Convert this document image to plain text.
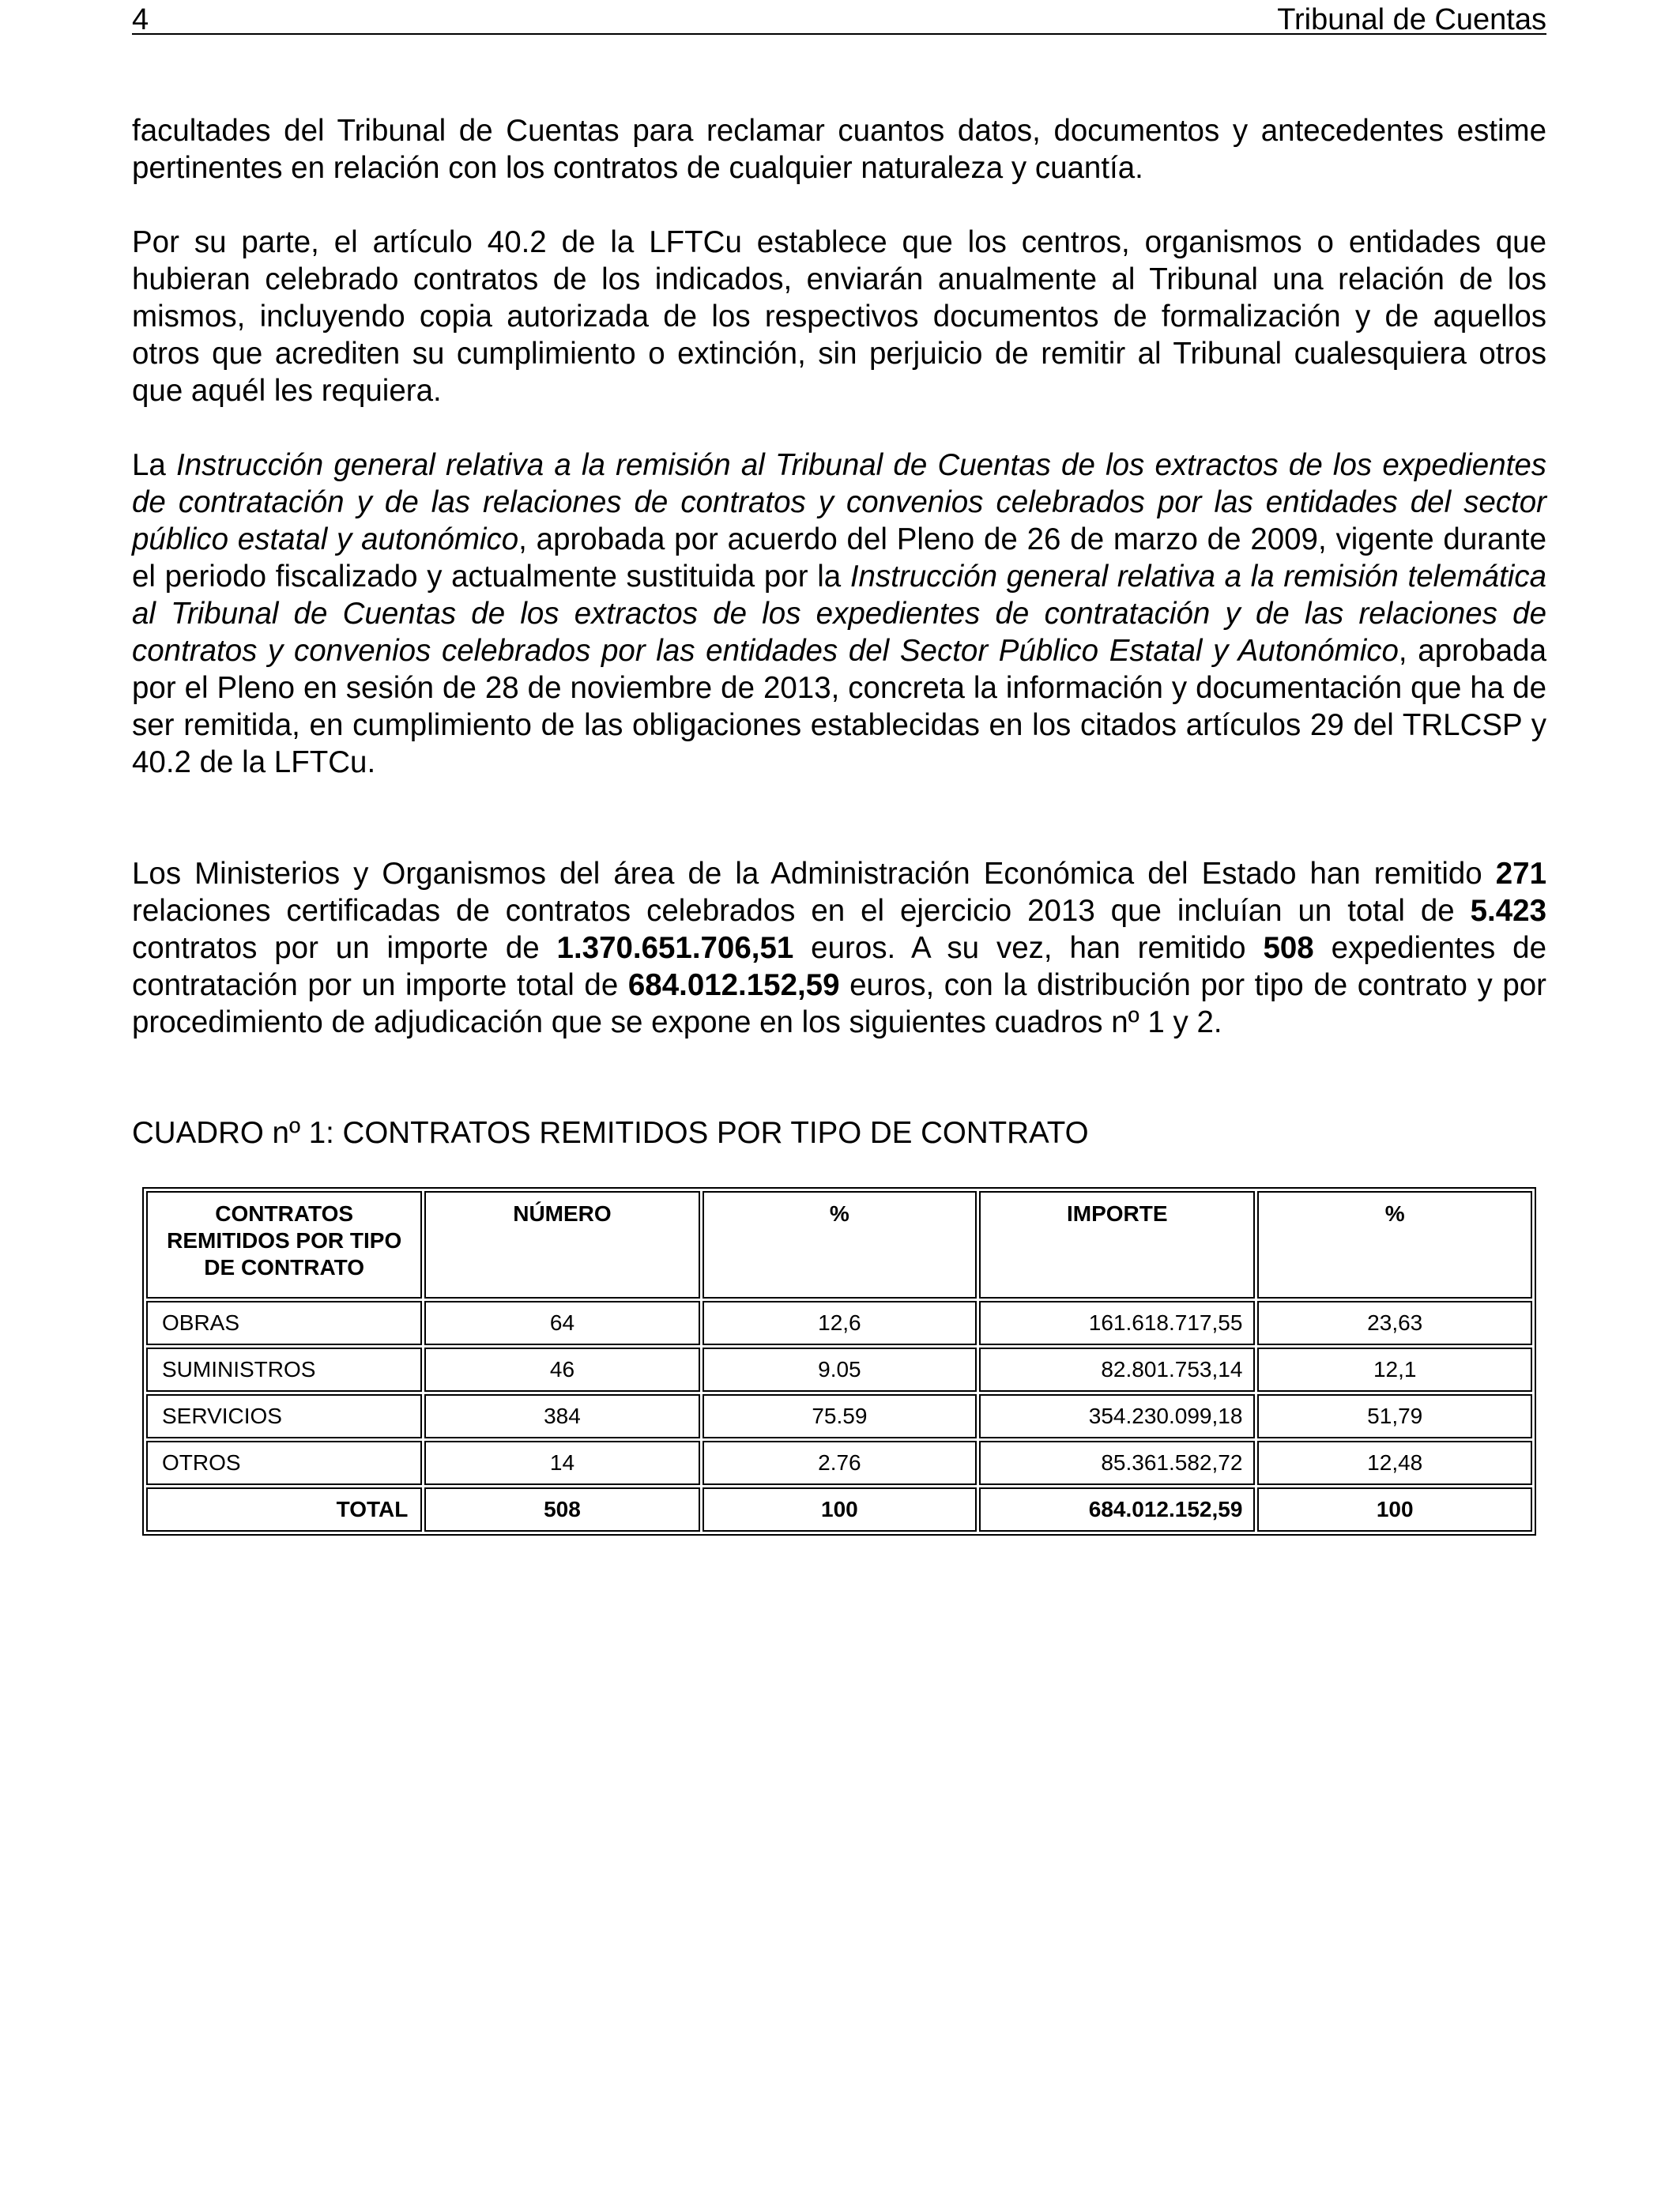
4	Tribunal de Cuentas

facultades del Tribunal de Cuentas para reclamar cuantos datos, documentos y antecedentes estime pertinentes en relación con los contratos de cualquier naturaleza y cuantía.

Por su parte, el artículo 40.2 de la LFTCu establece que los centros, organismos o entidades que hubieran celebrado contratos de los indicados, enviarán anualmente al Tribunal una relación de los mismos, incluyendo copia autorizada de los respectivos documentos de formalización y de aquellos otros que acrediten su cumplimiento o extinción, sin perjuicio de remitir al Tribunal cualesquiera otros que aquél les requiera.

La Instrucción general relativa a la remisión al Tribunal de Cuentas de los extractos de los expedientes de contratación y de las relaciones de contratos y convenios celebrados por las entidades del sector público estatal y autonómico, aprobada por acuerdo del Pleno de 26 de marzo de 2009, vigente durante el periodo fiscalizado y actualmente sustituida por la Instrucción general relativa a la remisión telemática al Tribunal de Cuentas de los extractos de los expedientes de contratación y de las relaciones de contratos y convenios celebrados por las entidades del Sector Público Estatal y Autonómico, aprobada por el Pleno en sesión de 28 de noviembre de 2013, concreta la información y documentación que ha de ser remitida, en cumplimiento de las obligaciones establecidas en los citados artículos 29 del TRLCSP y 40.2 de la LFTCu.

Los Ministerios y Organismos del área de la Administración Económica del Estado han remitido 271 relaciones certificadas de contratos celebrados en el ejercicio 2013 que incluían un total de 5.423 contratos por un importe de 1.370.651.706,51 euros. A su vez, han remitido 508 expedientes de contratación por un importe total de 684.012.152,59 euros, con la distribución por tipo de contrato y por procedimiento de adjudicación que se expone en los siguientes cuadros nº 1 y 2.

CUADRO nº 1: CONTRATOS REMITIDOS POR TIPO DE CONTRATO

CONTRATOS REMITIDOS POR TIPO DE CONTRATO	NÚMERO	%	IMPORTE	%
OBRAS	64	12,6	161.618.717,55	23,63
SUMINISTROS	46	9.05	82.801.753,14	12,1
SERVICIOS	384	75.59	354.230.099,18	51,79
OTROS	14	2.76	85.361.582,72	12,48
TOTAL	508	100	684.012.152,59	100
